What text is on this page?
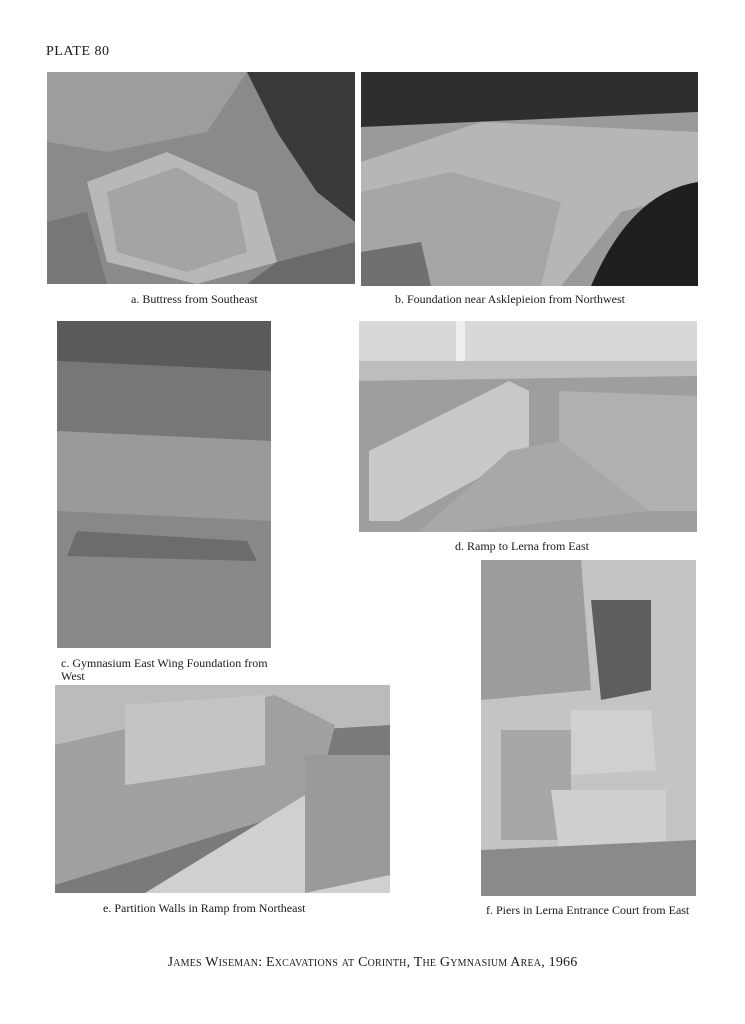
PLATE 80
a. Buttress from Southeast	b. Foundation near Asklepieion from Northwest
c. Gymnasium East Wing Foundation from West
d. Ramp to Lerna from East
e. Partition Walls in Ramp from Northeast	f. Piers in Lerna Entrance Court from East
James Wiseman: Excavations at Corinth, The Gymnasium Area, 1966
